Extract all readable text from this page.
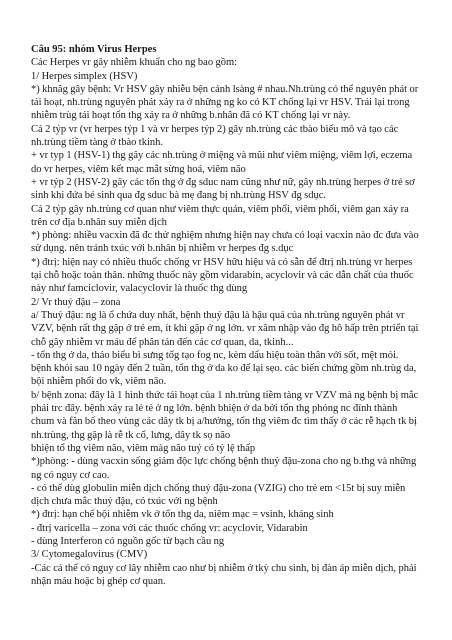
Câu 95: nhóm Virus Herpes

Các Herpes vr gây nhiễm khuẩn cho ng bao gồm:

1/ Herpes simplex (HSV)

*) khnăg gây bệnh: Vr HSV gây nhiễu bện cảnh lsàng # nhau.Nh.trùng có thể nguyên phát or tái hoạt, nh.trùng nguyên phát xảy ra ở những ng ko có KT chống lại vr HSV. Trái lại trong nhiễm trùg tái hoạt tổn thg xảy ra ở những b.nhân đã có KT chống lại vr này.

Cả 2 týp vr (vr herpes týp 1 và vr herpes týp 2) gây nh.trùng các tbào biểu mô và tạo các nh.trùng tiềm tàng ở tbào tkinh.

+ vr typ 1 (HSV-1) thg gây các nh.trùng ở miệng và mũi như viêm miệng, viêm lợi, eczema do vr herpes, viêm kết mạc mắt sừng hoá, viêm não

+ vr týp 2 (HSV-2) gây các tổn thg ở đg sduc nam cũng như nữ, gây nh.trùng herpes ở trẻ sơ sinh khi đứa bé sinh qua đg sduc bà mẹ đang bị nh.trùng HSV đg sdục.

Cả 2 týp gây nh.trùng cơ quan như viêm thực quản, viêm phổi, viêm phổi, viêm gan xảy ra trên cơ địa b.nhân suy miễn dịch

*) phòng: nhiều vacxin đã đc thử nghiệm nhưng hiện nay chưa có loại vacxin nào đc đưa vào sử dụng. nên tránh txúc với b.nhân bị nhiễm vr herpes đg s.dục

*) đtrị: hiện nay có nhiều thuốc chống vr HSV hữu hiệu và có sẵn để đtrị nh.trùng vr herpes tại chỗ hoặc toàn thân. những thuốc này gồm vidarabin, acyclovir và các dẫn chất của thuốc này như famciclovir, valacyclovir là thuốc thg dùng

2/ Vr thuỷ đậu – zona

a/ Thuỷ đậu: ng là ổ chứa duy nhất, bệnh thuỷ đậu là hậu quả của nh.trùng nguyên phát vr VZV, bệnh rất thg gặp ở trẻ em, ít khi gặp ở ng lớn. vr xâm nhập vào đg hô hấp trên ptriển tại chỗ gây nhiễm vr máu để phân tán đến các cơ quan, da, tkinh...

- tổn thg ở da, thảo biểu bì sưng tổg tạo fog nc, kèm dấu hiệu toàn thân với sốt, mệt mỏi. bệnh khỏi sau 10 ngày đến 2 tuần, tổn thg ở da ko để lại sẹo. các biến chứng gồm nh.trùg da, bội nhiễm phổi do vk, viêm não.

b/ bệnh zona: đây là 1 hình thức tái hoạt của 1 nh.trùng tiềm tàng vr VZV mà ng bệnh bị mắc phải trc đây. bệnh xảy ra lẻ tẻ ở ng lớn. bệnh bhiện ở da bởi tổn thg phỏng nc đính thành chum và fân bố theo vùng các dây tk bị a/hưởng, tổn thg viêm đc tìm thấy ở các rễ hạch tk bị nh.trùng, thg gặp là rễ tk cổ, lưng, dây tk sọ não

bhiện tổ thg viêm não, viêm màg não tuỷ có tỷ lệ thấp

*)phòng: - dùng vacxin sống giảm độc lực chống bệnh thuỷ đậu-zona cho ng b.thg và những ng có nguy cơ cao.

- có thể dùg globulin miễn dịch chống thuỷ đậu-zona (VZIG) cho trẻ em <15t bị suy miễn dịch chưa mắc thuỷ đậu, có txúc với ng bệnh

*) đtrị: hạn chế bội nhiễm vk ở tổn thg da, niêm mạc = vsinh, kháng sinh

- đtrị varicella – zona với các thuốc chống vr: acyclovir, Vidarabin

- dùng Interferon có nguồn gốc từ bạch cầu ng

3/ Cytomegalovirus (CMV)

-Các cá thể có nguy cơ lây nhiễm cao như bị nhiễm ở tkỳ chu sinh, bị đàn áp miễn dịch, phải nhận máu hoặc bị ghép cơ quan.
